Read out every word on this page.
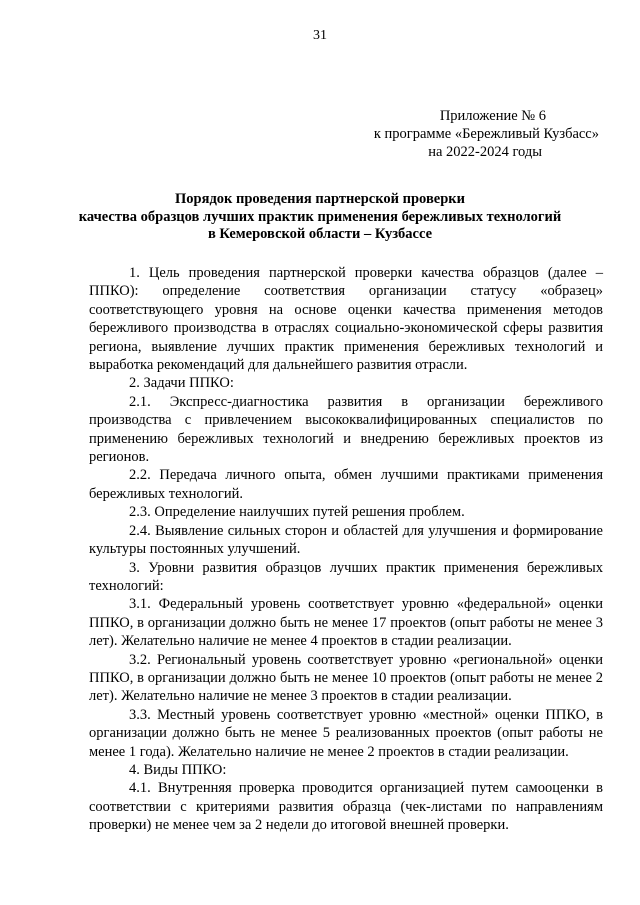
31
Приложение № 6
к программе «Бережливый Кузбасс»
на 2022-2024 годы
Порядок проведения партнерской проверки
качества образцов лучших практик применения бережливых технологий
в Кемеровской области – Кузбассе

1. Цель проведения партнерской проверки качества образцов (далее – ППКО): определение соответствия организации статусу «образец» соответствующего уровня на основе оценки качества применения методов бережливого производства в отраслях социально-экономической сферы развития региона, выявление лучших практик применения бережливых технологий и выработка рекомендаций для дальнейшего развития отрасли.

2. Задачи ППКО:

2.1. Экспресс-диагностика развития в организации бережливого производства с привлечением высококвалифицированных специалистов по применению бережливых технологий и внедрению бережливых проектов из регионов.

2.2. Передача личного опыта, обмен лучшими практиками применения бережливых технологий.

2.3. Определение наилучших путей решения проблем.

2.4. Выявление сильных сторон и областей для улучшения и формирование культуры постоянных улучшений.

3. Уровни развития образцов лучших практик применения бережливых технологий:

3.1. Федеральный уровень соответствует уровню «федеральной» оценки ППКО, в организации должно быть не менее 17 проектов (опыт работы не менее 3 лет). Желательно наличие не менее 4 проектов в стадии реализации.

3.2. Региональный уровень соответствует уровню «региональной» оценки ППКО, в организации должно быть не менее 10 проектов (опыт работы не менее 2 лет). Желательно наличие не менее 3 проектов в стадии реализации.

3.3. Местный уровень соответствует уровню «местной» оценки ППКО, в организации должно быть не менее 5 реализованных проектов (опыт работы не менее 1 года). Желательно наличие не менее 2 проектов в стадии реализации.

4. Виды ППКО:

4.1. Внутренняя проверка проводится организацией путем самооценки в соответствии с критериями развития образца (чек-листами по направлениям проверки) не менее чем за 2 недели до итоговой внешней проверки.
